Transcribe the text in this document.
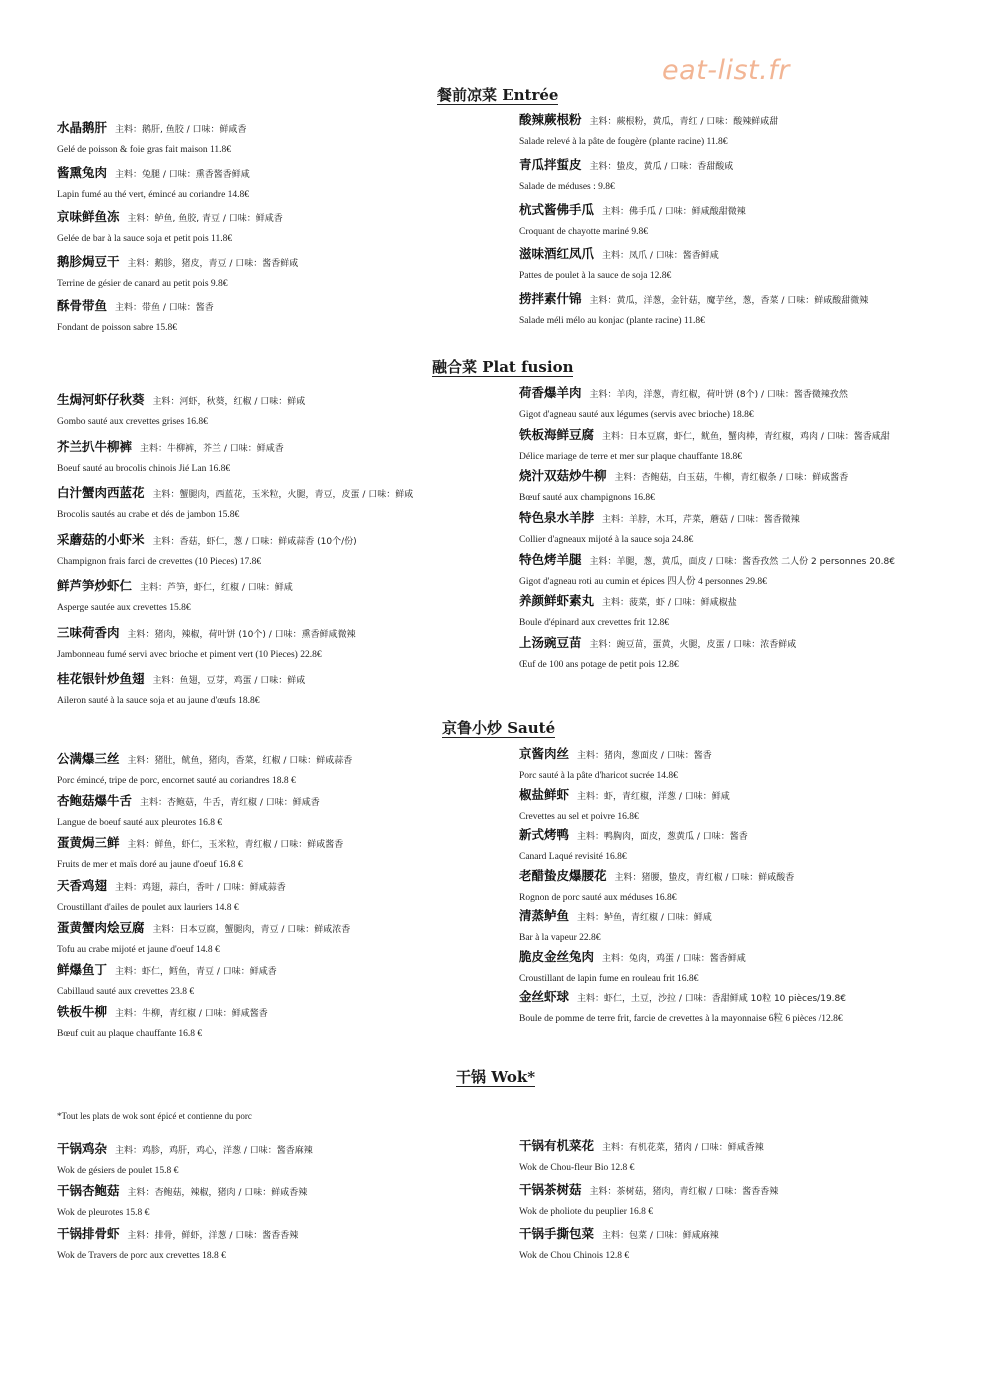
eat-list.fr
餐前凉菜 Entrée
融合菜 Plat fusion
京鲁小炒 Sauté
干锅 Wok*
*Tout les plats de wok sont épicé et contienne du porc
水晶鹅肝 主料：鹅肝, 鱼胶 / 口味：鲜咸香
Gelé de poisson & foie gras fait maison 11.8€
酱熏兔肉 主料：兔腿 / 口味：熏香酱香鲜咸
Lapin fumé au thé vert, émincé au coriandre 14.8€
京味鲜鱼冻 主料：鲈鱼, 鱼胶, 青豆 / 口味：鲜咸香
Gelée de bar à la sauce soja et petit pois 11.8€
鹅胗焗豆干 主料：鹅胗，猪皮，青豆 / 口味：酱香鲜咸
Terrine de gésier de canard au petit pois 9.8€
酥骨带鱼 主料：带鱼 / 口味：酱香
Fondant de poisson sabre 15.8€
酸辣蕨根粉 主料：蕨根粉，黄瓜，青红 / 口味：酸辣鲜咸甜
Salade relevé à la pâte de fougère (plante racine) 11.8€
青瓜拌蜇皮 主料：蛰皮，黄瓜 / 口味：香甜酸咸
Salade de méduses : 9.8€
杭式酱佛手瓜 主料：佛手瓜 / 口味：鲜咸酸甜微辣
Croquant de chayotte mariné 9.8€
滋味酒红凤爪 主料：凤爪 / 口味：酱香鲜咸
Pattes de poulet à la sauce de soja 12.8€
捞拌素什锦 主料：黄瓜，洋葱，金针菇，魔芋丝，葱，香菜 / 口味：鲜咸酸甜微辣
Salade méli mélo au konjac (plante racine) 11.8€
生焗河虾仔秋葵 主料：河虾，秋葵，红椒 / 口味：鲜咸
Gombo sauté aux crevettes grises 16.8€
芥兰扒牛柳裤 主料：牛柳裤，芥兰 / 口味：鲜咸香
Boeuf sauté au brocolis chinois Jié Lan 16.8€
白汁蟹肉西蓝花 主料：蟹腿肉，西蓝花，玉米粒，火腿，青豆，皮蛋 / 口味：鲜咸
Brocolis sautés au crabe et dés de jambon 15.8€
采蘑菇的小虾米 主料：香菇，虾仁，葱 / 口味：鲜咸蒜香 (10个/份)
Champignon frais farci de crevettes (10 Pieces) 17.8€
鲜芦笋炒虾仁 主料：芦笋，虾仁，红椒 / 口味：鲜咸
Asperge sautée aux crevettes 15.8€
三味荷香肉 主料：猪肉，辣椒，荷叶饼 (10个) / 口味：熏香鲜咸微辣
Jambonneau fumé servi avec brioche et piment vert (10 Pieces) 22.8€
桂花银针炒鱼翅 主料：鱼翅，豆芽，鸡蛋 / 口味：鲜咸
Aileron sauté à la sauce soja et au jaune d'œufs 18.8€
荷香爆羊肉 主料：羊肉，洋葱，青红椒，荷叶饼 (8个) / 口味：酱香微辣孜然
Gigot d'agneau sauté aux légumes (servis avec brioche) 18.8€
铁板海鲜豆腐 主料：日本豆腐，虾仁，鱿鱼，蟹肉棒，青红椒，鸡肉 / 口味：酱香咸甜
Délice mariage de terre et mer sur plaque chauffante 18.8€
烧汁双菇炒牛柳 主料：杏鲍菇，白玉菇，牛柳，青红椒条 / 口味：鲜咸酱香
Bœuf sauté aux champignons 16.8€
特色泉水羊脖 主料：羊脖，木耳，芹菜，蘑菇 / 口味：酱香微辣
Collier d'agneaux mijoté à la sauce soja 24.8€
特色烤羊腿 主料：羊腿，葱，黄瓜，面皮 / 口味：酱香孜然 二人份 2 personnes 20.8€
Gigot d'agneau roti au cumin et épices 四人份 4 personnes 29.8€
养颜鲜虾素丸 主料：菠菜，虾 / 口味：鲜咸椒盐
Boule d'épinard aux crevettes frit 12.8€
上汤豌豆苗 主料：豌豆苗，蛋黄，火腿，皮蛋 / 口味：浓香鲜咸
Œuf de 100 ans potage de petit pois 12.8€
公满爆三丝 主料：猪肚，鱿鱼，猪肉，香菜，红椒 / 口味：鲜咸蒜香
Porc émincé, tripe de porc, encornet sauté au coriandres 18.8 €
杏鲍菇爆牛舌 主料：杏鲍菇，牛舌，青红椒 / 口味：鲜咸香
Langue de boeuf sauté aux pleurotes 16.8 €
蛋黄焗三鲜 主料：鲜鱼，虾仁，玉米粒，青红椒 / 口味：鲜咸酱香
Fruits de mer et maïs doré au jaune d'oeuf 16.8 €
天香鸡翅 主料：鸡翅，蒜白，香叶 / 口味：鲜咸蒜香
Croustillant d'ailes de poulet aux lauriers 14.8 €
蛋黄蟹肉烩豆腐 主料：日本豆腐，蟹腿肉，青豆 / 口味：鲜咸浓香
Tofu au crabe mijoté et jaune d'oeuf 14.8 €
鲜爆鱼丁 主料：虾仁，鳕鱼，青豆 / 口味：鲜咸香
Cabillaud sauté aux crevettes 23.8 €
铁板牛柳 主料：牛柳，青红椒 / 口味：鲜咸酱香
Bœuf cuit au plaque chauffante 16.8 €
京酱肉丝 主料：猪肉，葱面皮 / 口味：酱香
Porc sauté à la pâte d'haricot sucrée 14.8€
椒盐鲜虾 主料：虾，青红椒，洋葱 / 口味：鲜咸
Crevettes au sel et poivre 16.8€
新式烤鸭 主料：鸭胸肉，面皮，葱黄瓜 / 口味：酱香
Canard Laqué revisité 16.8€
老醋蛰皮爆腰花 主料：猪腰，蛰皮，青红椒 / 口味：鲜咸酸香
Rognon de porc sauté aux méduses 16.8€
清蒸鲈鱼 主料：鲈鱼，青红椒 / 口味：鲜咸
Bar à la vapeur 22.8€
脆皮金丝兔肉 主料：兔肉，鸡蛋 / 口味：酱香鲜咸
Croustillant de lapin fume en rouleau frit 16.8€
金丝虾球 主料：虾仁，土豆，沙拉 / 口味：香甜鲜咸 10粒 10 pièces/19.8€
Boule de pomme de terre frit, farcie de crevettes à la mayonnaise 6粒 6 pièces /12.8€
干锅鸡杂 主料：鸡胗，鸡肝，鸡心，洋葱 / 口味：酱香麻辣
Wok de gésiers de poulet 15.8 €
干锅杏鲍菇 主料：杏鲍菇，辣椒，猪肉 / 口味：鲜咸香辣
Wok de pleurotes 15.8 €
干锅排骨虾 主料：排骨，鲜虾，洋葱 / 口味：酱香香辣
Wok de Travers de porc aux crevettes 18.8 €
干锅有机菜花 主料：有机花菜，猪肉 / 口味：鲜咸香辣
Wok de Chou-fleur Bio 12.8 €
干锅茶树菇 主料：茶树菇，猪肉，青红椒 / 口味：酱香香辣
Wok de pholiote du peuplier 16.8 €
干锅手撕包菜 主料：包菜 / 口味：鲜咸麻辣
Wok de Chou Chinois 12.8 €
